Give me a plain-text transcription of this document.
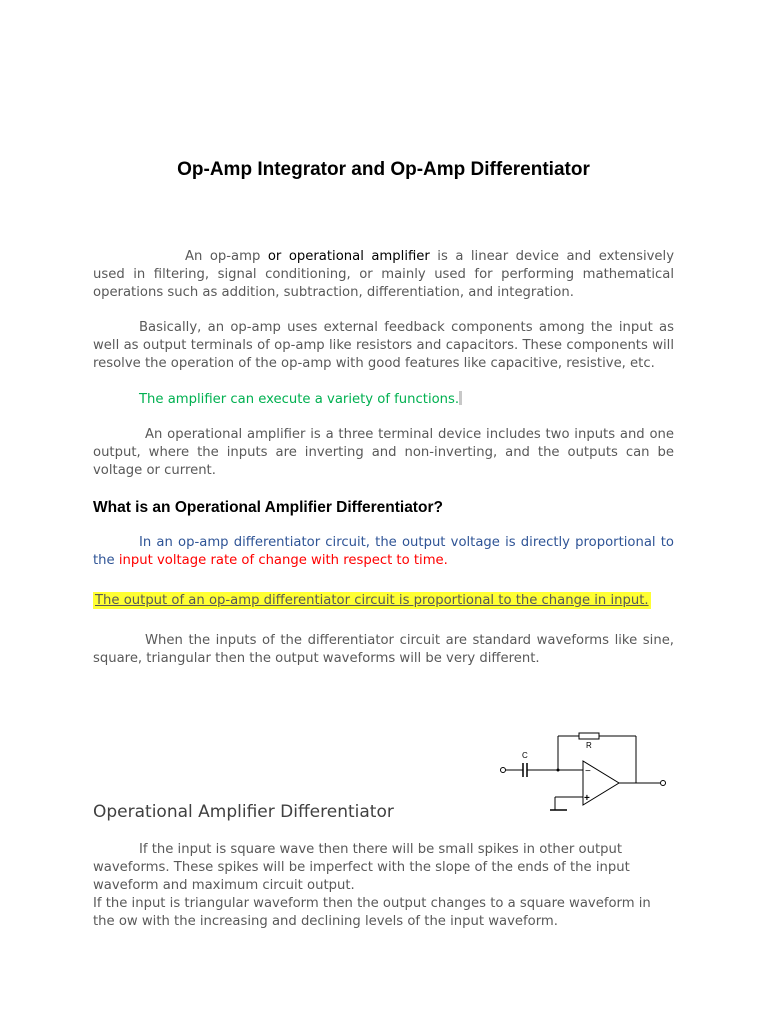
Op-Amp Integrator and Op-Amp Differentiator

An op-amp or operational amplifier is a linear device and extensively used in filtering, signal conditioning, or mainly used for performing mathematical operations such as addition, subtraction, differentiation, and integration.

Basically, an op-amp uses external feedback components among the input as well as output terminals of op-amp like resistors and capacitors. These components will resolve the operation of the op-amp with good features like capacitive, resistive, etc.

The amplifier can execute a variety of functions.

An operational amplifier is a three terminal device includes two inputs and one output, where the inputs are inverting and non-inverting, and the outputs can be voltage or current.

What is an Operational Amplifier Differentiator?

In an op-amp differentiator circuit, the output voltage is directly proportional to the input voltage rate of change with respect to time.

The output of an op-amp differentiator circuit is proportional to the change in input.

When the inputs of the differentiator circuit are standard waveforms like sine, square, triangular then the output waveforms will be very different.

Operational Amplifier Differentiator
C
R
−
+

If the input is square wave then there will be small spikes in other output waveforms. These spikes will be imperfect with the slope of the ends of the input waveform and maximum circuit output.

If the input is triangular waveform then the output changes to a square waveform in the ow with the increasing and declining levels of the input waveform.
